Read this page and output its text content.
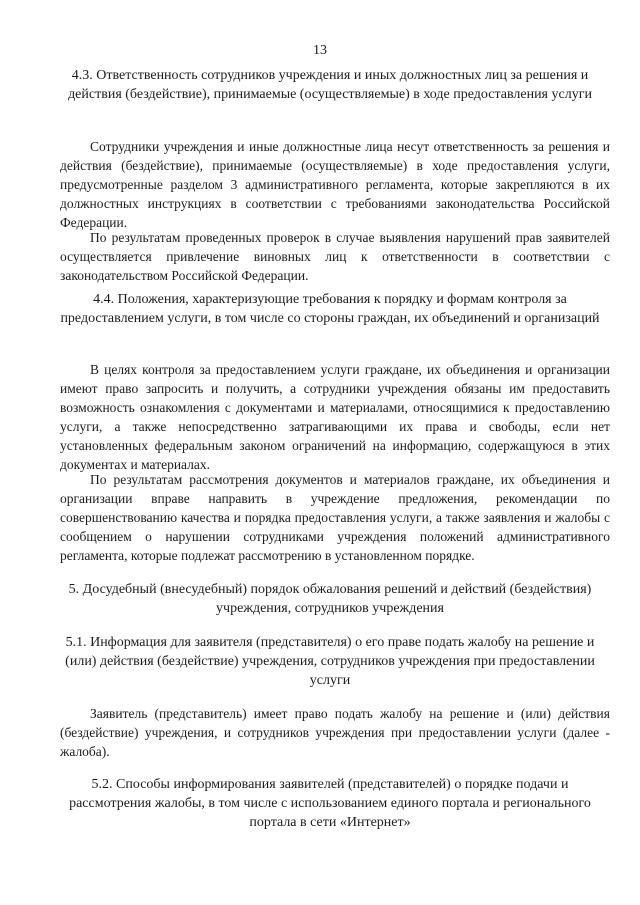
13
4.3. Ответственность сотрудников учреждения и иных должностных лиц за решения и действия (бездействие), принимаемые (осуществляемые) в ходе предоставления услуги
Сотрудники учреждения и иные должностные лица несут ответственность за решения и действия (бездействие), принимаемые (осуществляемые) в ходе предоставления услуги, предусмотренные разделом 3 административного регламента, которые закрепляются в их должностных инструкциях в соответствии с требованиями законодательства Российской Федерации.
По результатам проведенных проверок в случае выявления нарушений прав заявителей осуществляется привлечение виновных лиц к ответственности в соответствии с законодательством Российской Федерации.
4.4. Положения, характеризующие требования к порядку и формам контроля за предоставлением услуги, в том числе со стороны граждан, их объединений и организаций
В целях контроля за предоставлением услуги граждане, их объединения и организации имеют право запросить и получить, а сотрудники учреждения обязаны им предоставить возможность ознакомления с документами и материалами, относящимися к предоставлению услуги, а также непосредственно затрагивающими их права и свободы, если нет установленных федеральным законом ограничений на информацию, содержащуюся в этих документах и материалах.
По результатам рассмотрения документов и материалов граждане, их объединения и организации вправе направить в учреждение предложения, рекомендации по совершенствованию качества и порядка предоставления услуги, а также заявления и жалобы с сообщением о нарушении сотрудниками учреждения положений административного регламента, которые подлежат рассмотрению в установленном порядке.
5. Досудебный (внесудебный) порядок обжалования решений и действий (бездействия) учреждения, сотрудников учреждения
5.1. Информация для заявителя (представителя) о его праве подать жалобу на решение и (или) действия (бездействие) учреждения, сотрудников учреждения при предоставлении услуги
Заявитель (представитель) имеет право подать жалобу на решение и (или) действия (бездействие) учреждения, и сотрудников учреждения при предоставлении услуги (далее - жалоба).
5.2. Способы информирования заявителей (представителей) о порядке подачи и рассмотрения жалобы, в том числе с использованием единого портала и регионального портала в сети «Интернет»
